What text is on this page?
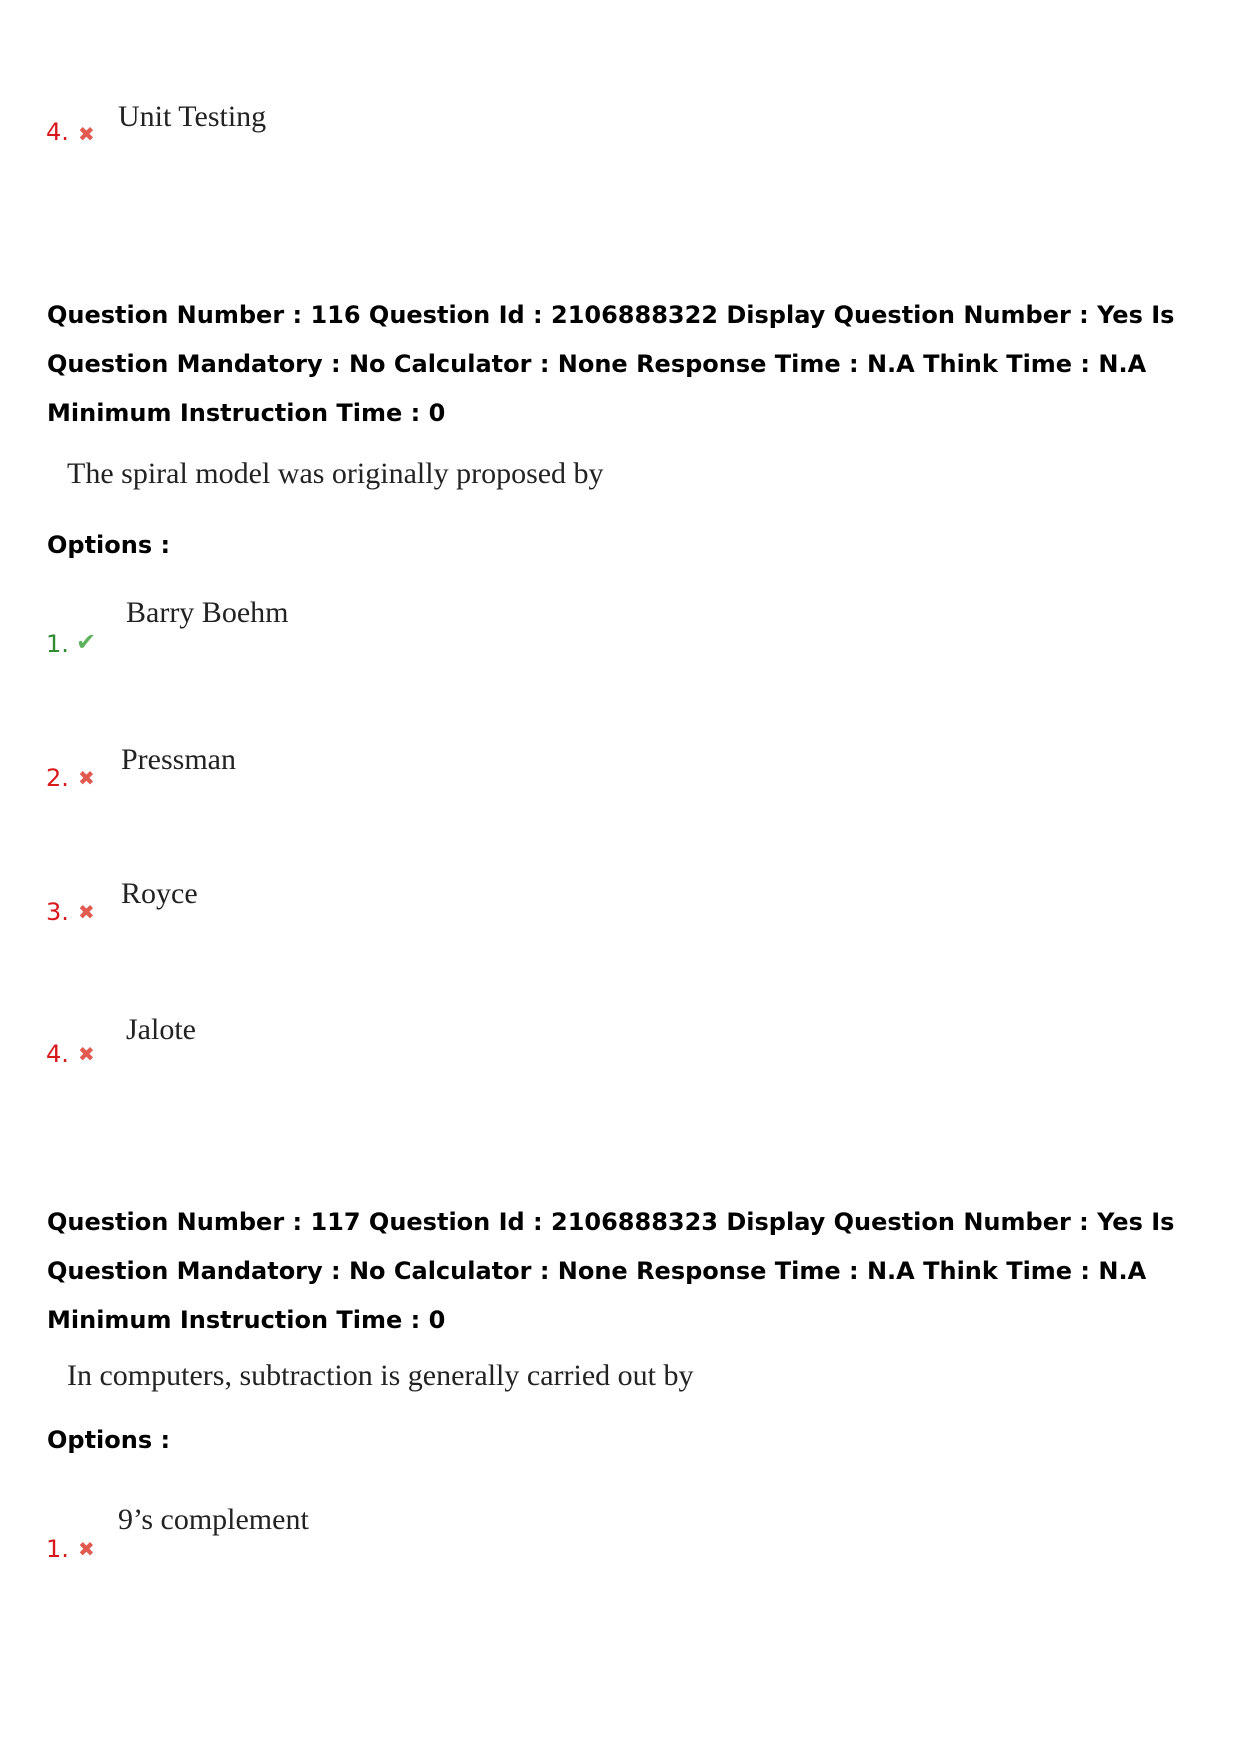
4. ✖
Unit Testing
Question Number : 116 Question Id : 2106888322 Display Question Number : Yes Is Question Mandatory : No Calculator : None Response Time : N.A Think Time : N.A Minimum Instruction Time : 0
The spiral model was originally proposed by
Options :
1. ✔
Barry Boehm
2. ✖
Pressman
3. ✖
Royce
4. ✖
Jalote
Question Number : 117 Question Id : 2106888323 Display Question Number : Yes Is Question Mandatory : No Calculator : None Response Time : N.A Think Time : N.A Minimum Instruction Time : 0
In computers, subtraction is generally carried out by
Options :
1. ✖
9’s complement
